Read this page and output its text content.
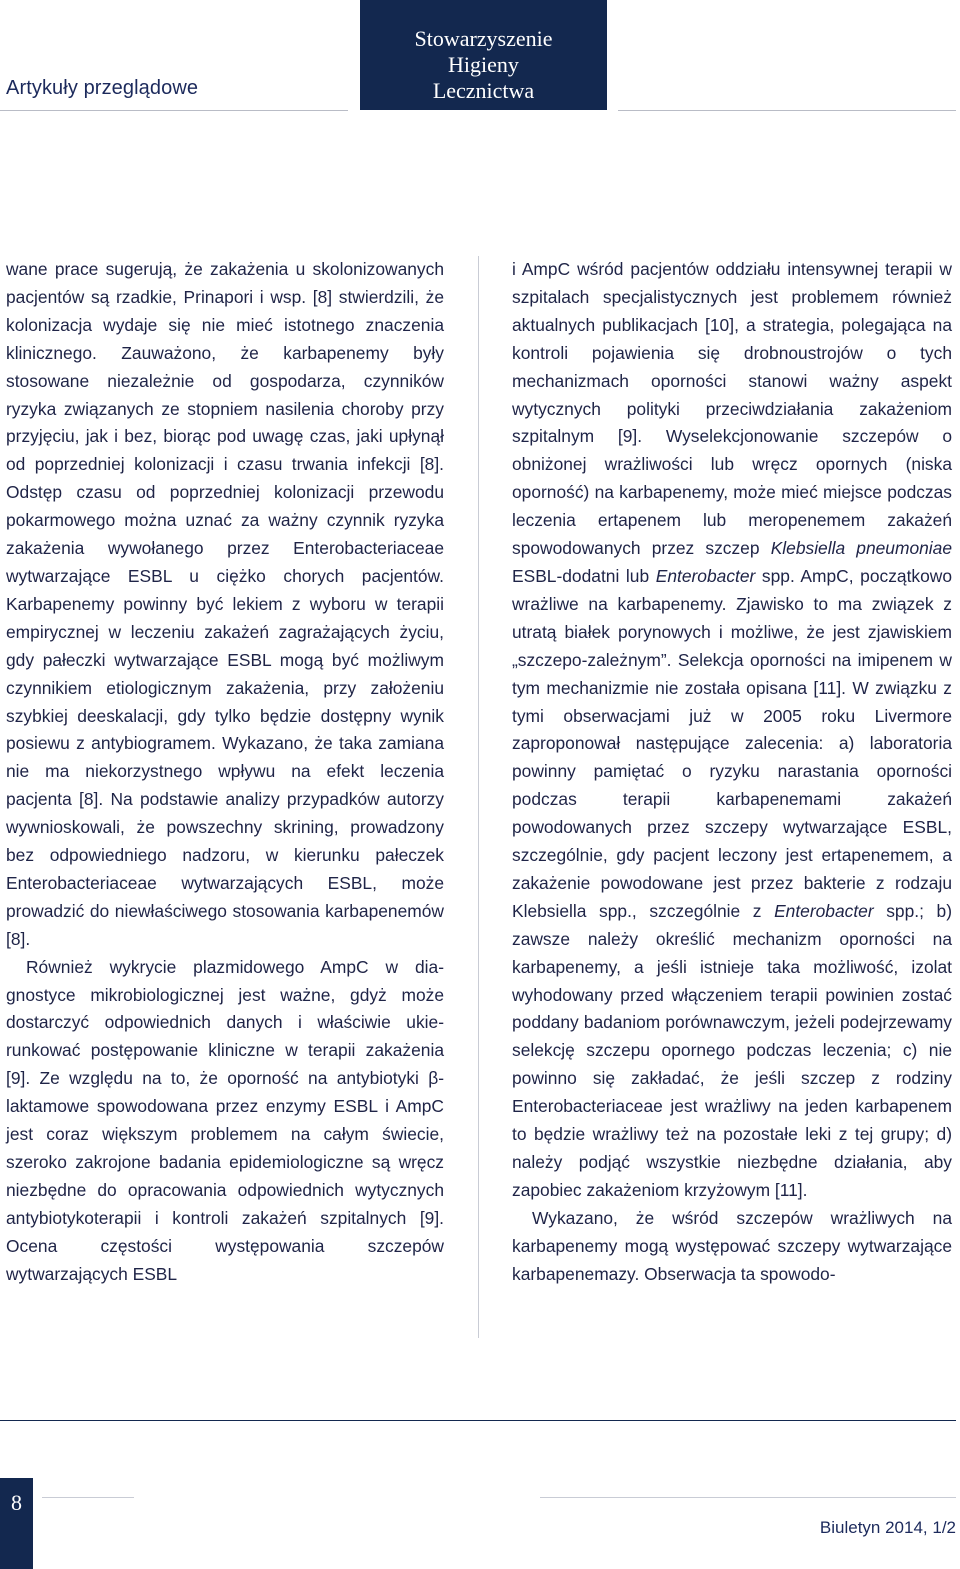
Artykuły przeglądowe
Stowarzyszenie
Higieny
Lecznictwa

wane prace sugerują, że zakażenia u skolonizowanych pacjentów są rzadkie, Prinapori i wsp. [8] stwierdzili, że kolonizacja wydaje się nie mieć istotnego znaczenia klinicznego. Zauważono, że karbapenemy były stosowane niezależnie od gospodarza, czynników ryzyka związanych ze stopniem nasilenia choroby przy przyjęciu, jak i bez, biorąc pod uwagę czas, jaki upłynął od poprzedniej kolonizacji i czasu trwania infekcji [8]. Odstęp czasu od poprzedniej kolonizacji przewodu pokarmowego można uznać za ważny czynnik ryzyka zakażenia wywołanego przez Enterobacteriaceae wytwarzające ESBL u ciężko chorych pacjentów. Karbapenemy powinny być lekiem z wyboru w terapii empirycznej w leczeniu zakażeń zagrażających życiu, gdy pałeczki wytwarzające ESBL mogą być możliwym czynnikiem etiologicznym zakażenia, przy założeniu szybkiej deeskalacji, gdy tylko będzie dostępny wynik posiewu z antybiogramem. Wykazano, że taka zamiana nie ma niekorzystnego wpływu na efekt leczenia pacjenta [8]. Na podstawie analizy przypadków autorzy wywnioskowali, że powszechny skrining, prowadzony bez odpowiedniego nadzoru, w kierunku pałeczek Enterobacteriaceae wytwarzających ESBL, może prowadzić do niewłaściwego stosowania karbapenemów [8].

Również wykrycie plazmidowego AmpC w diagnostyce mikrobiologicznej jest ważne, gdyż może dostarczyć odpowiednich danych i właściwie ukierunkować postępowanie kliniczne w terapii zakażenia [9]. Ze względu na to, że oporność na antybiotyki β-laktamowe spowodowana przez enzymy ESBL i AmpC jest coraz większym problemem na całym świecie, szeroko zakrojone badania epidemiologiczne są wręcz niezbędne do opracowania odpowiednich wytycznych antybiotykoterapii i kontroli zakażeń szpitalnych [9]. Ocena częstości występowania szczepów wytwarzających ESBL

i AmpC wśród pacjentów oddziału intensywnej terapii w szpitalach specjalistycznych jest problemem również aktualnych publikacjach [10], a strategia, polegająca na kontroli pojawienia się drobnoustrojów o tych mechanizmach oporności stanowi ważny aspekt wytycznych polityki przeciwdziałania zakażeniom szpitalnym [9]. Wyselekcjonowanie szczepów o obniżonej wrażliwości lub wręcz opornych (niska oporność) na karbapenemy, może mieć miejsce podczas leczenia ertapenem lub meropenemem zakażeń spowodowanych przez szczep Klebsiella pneumoniae ESBL-dodatni lub Enterobacter spp. AmpC, początkowo wrażliwe na karbapenemy. Zjawisko to ma związek z utratą białek porynowych i możliwe, że jest zjawiskiem „szczepo-zależnym”. Selekcja oporności na imipenem w tym mechanizmie nie została opisana [11]. W związku z tymi obserwacjami już w 2005 roku Livermore zaproponował następujące zalecenia: a) laboratoria powinny pamiętać o ryzyku narastania oporności podczas terapii karbapenemami zakażeń powodowanych przez szczepy wytwarzające ESBL, szczególnie, gdy pacjent leczony jest ertapenemem, a zakażenie powodowane jest przez bakterie z rodzaju Klebsiella spp., szczególnie z Enterobacter spp.; b) zawsze należy określić mechanizm oporności na karbapenemy, a jeśli istnieje taka możliwość, izolat wyhodowany przed włączeniem terapii powinien zostać poddany badaniom porównawczym, jeżeli podejrzewamy selekcję szczepu opornego podczas leczenia; c) nie powinno się zakładać, że jeśli szczep z rodziny Enterobacteriaceae jest wrażliwy na jeden karbapenem to będzie wrażliwy też na pozostałe leki z tej grupy; d) należy podjąć wszystkie niezbędne działania, aby zapobiec zakażeniom krzyżowym [11].

Wykazano, że wśród szczepów wrażliwych na karbapenemy mogą występować szczepy wytwarzające karbapenemazy. Obserwacja ta spowodo-

8
Biuletyn 2014, 1/2
